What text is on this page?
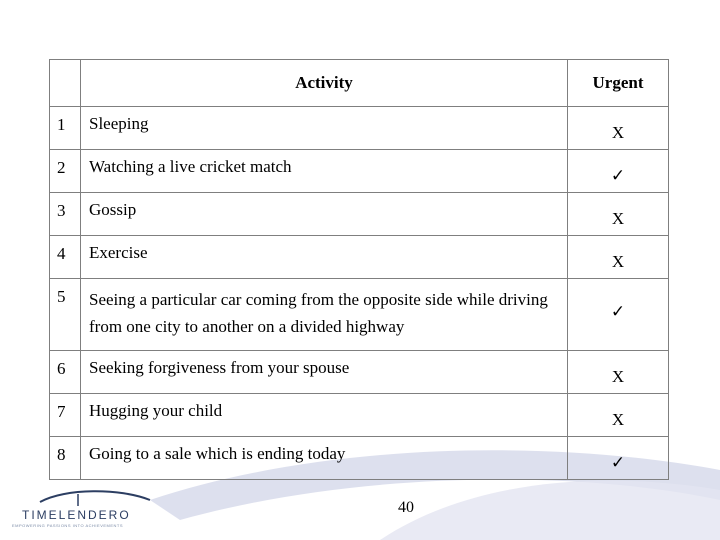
	Activity	Urgent
1	Sleeping	X
2	Watching a live cricket match	✓
3	Gossip	X
4	Exercise	X
5	Seeing a particular car coming from the opposite side while driving from one city to another on a divided highway	✓
6	Seeking forgiveness from your spouse	X
7	Hugging your child	X
8	Going to a sale which is ending today	✓
TIMELENDERO
EMPOWERING PASSIONS INTO ACHIEVEMENTS
40
